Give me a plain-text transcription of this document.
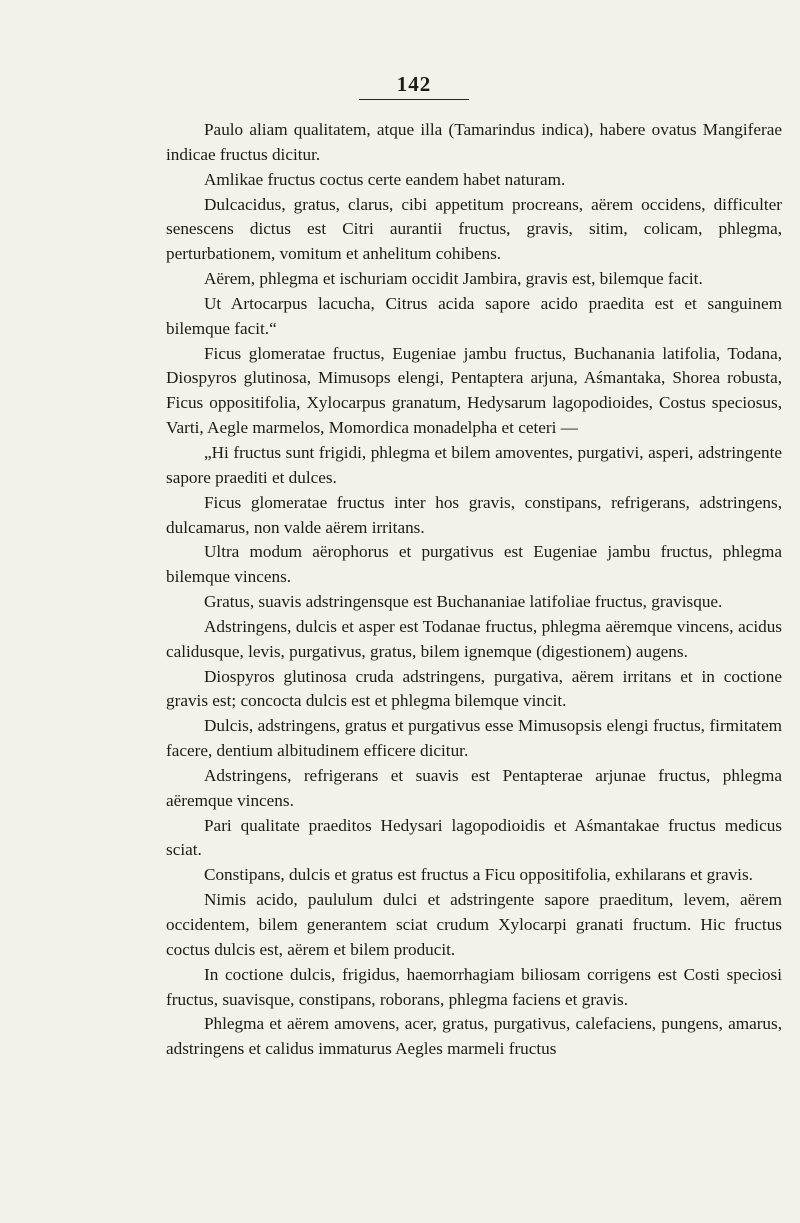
142

Paulo aliam qualitatem, atque illa (Tamarindus indica), habere ovatus Mangiferae indicae fructus dicitur.

Amlikae fructus coctus certe eandem habet naturam.

Dulcacidus, gratus, clarus, cibi appetitum procreans, aërem occidens, difficulter senescens dictus est Citri aurantii fructus, gravis, sitim, colicam, phlegma, perturbationem, vomitum et anhelitum cohibens.

Aërem, phlegma et ischuriam occidit Jambira, gravis est, bilemque facit.

Ut Artocarpus lacucha, Citrus acida sapore acido praedita est et sanguinem bilemque facit.“

Ficus glomeratae fructus, Eugeniae jambu fructus, Buchanania latifolia, Todana, Diospyros glutinosa, Mimusops elengi, Pentaptera arjuna, Aśmantaka, Shorea robusta, Ficus oppositifolia, Xylocarpus granatum, Hedysarum lagopodioides, Costus speciosus, Varti, Aegle marmelos, Momordica monadelpha et ceteri —

„Hi fructus sunt frigidi, phlegma et bilem amoventes, purgativi, asperi, adstringente sapore praediti et dulces.

Ficus glomeratae fructus inter hos gravis, constipans, refrigerans, adstringens, dulcamarus, non valde aërem irritans.

Ultra modum aërophorus et purgativus est Eugeniae jambu fructus, phlegma bilemque vincens.

Gratus, suavis adstringensque est Buchananiae latifoliae fructus, gravisque.

Adstringens, dulcis et asper est Todanae fructus, phlegma aëremque vincens, acidus calidusque, levis, purgativus, gratus, bilem ignemque (digestionem) augens.

Diospyros glutinosa cruda adstringens, purgativa, aërem irritans et in coctione gravis est; concocta dulcis est et phlegma bilemque vincit.

Dulcis, adstringens, gratus et purgativus esse Mimusopsis elengi fructus, firmitatem facere, dentium albitudinem efficere dicitur.

Adstringens, refrigerans et suavis est Pentapterae arjunae fructus, phlegma aëremque vincens.

Pari qualitate praeditos Hedysari lagopodioidis et Aśmantakae fructus medicus sciat.

Constipans, dulcis et gratus est fructus a Ficu oppositifolia, exhilarans et gravis.

Nimis acido, paululum dulci et adstringente sapore praeditum, levem, aërem occidentem, bilem generantem sciat crudum Xylocarpi granati fructum. Hic fructus coctus dulcis est, aërem et bilem producit.

In coctione dulcis, frigidus, haemorrhagiam biliosam corrigens est Costi speciosi fructus, suavisque, constipans, roborans, phlegma faciens et gravis.

Phlegma et aërem amovens, acer, gratus, purgativus, calefaciens, pungens, amarus, adstringens et calidus immaturus Aegles marmeli fructus
